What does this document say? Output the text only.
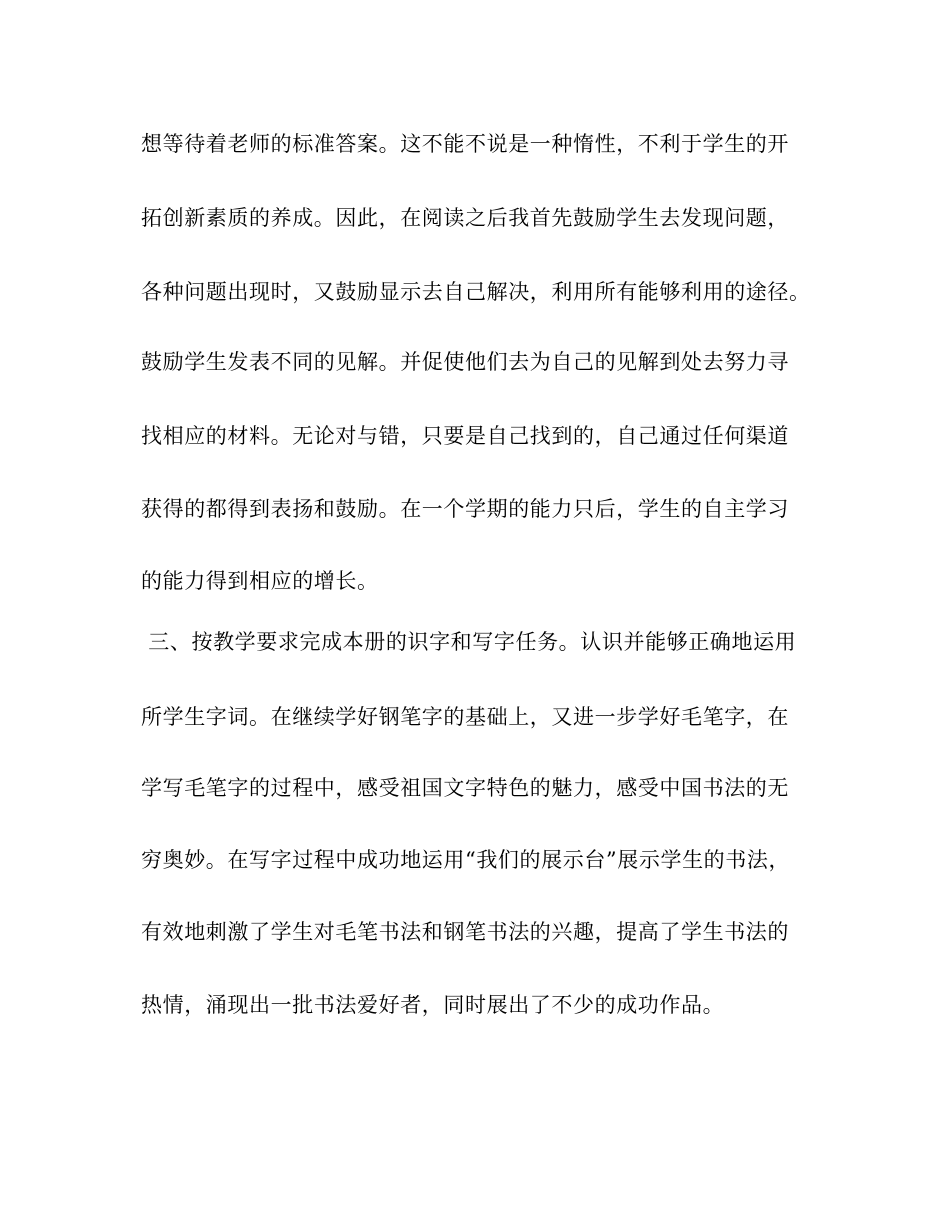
想等待着老师的标准答案。这不能不说是一种惰性，不利于学生的开
拓创新素质的养成。因此，在阅读之后我首先鼓励学生去发现问题，
各种问题出现时，又鼓励显示去自己解决，利用所有能够利用的途径。
鼓励学生发表不同的见解。并促使他们去为自己的见解到处去努力寻
找相应的材料。无论对与错，只要是自己找到的，自己通过任何渠道
获得的都得到表扬和鼓励。在一个学期的能力只后，学生的自主学习
的能力得到相应的增长。
三、按教学要求完成本册的识字和写字任务。认识并能够正确地运用
所学生字词。在继续学好钢笔字的基础上，又进一步学好毛笔字，在
学写毛笔字的过程中，感受祖国文字特色的魅力，感受中国书法的无
穷奥妙。在写字过程中成功地运用“我们的展示台”展示学生的书法，
有效地刺激了学生对毛笔书法和钢笔书法的兴趣，提高了学生书法的
热情，涌现出一批书法爱好者，同时展出了不少的成功作品。
